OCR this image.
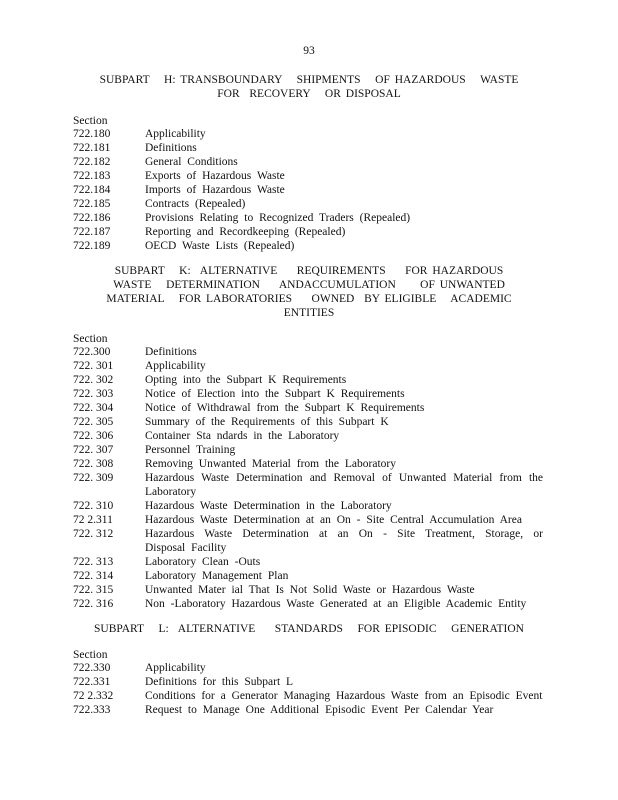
93
SUBPART   H: TRANSBOUNDARY   SHIPMENTS   OF HAZARDOUS   WASTE
FOR  RECOVERY   OR DISPOSAL
Section
722.180	Applicability
722.181	Definitions
722.182	General Conditions
722.183	Exports of Hazardous Waste
722.184	Imports of Hazardous Waste
722.185	Contracts (Repealed)
722.186	Provisions Relating to Recognized Traders (Repealed)
722.187	Reporting and Recordkeeping (Repealed)
722.189	OECD Waste Lists (Repealed)
SUBPART   K:  ALTERNATIVE    REQUIREMENTS    FOR HAZARDOUS
WASTE   DETERMINATION    ANDACCUMULATION     OF UNWANTED
MATERIAL   FOR LABORATORIES    OWNED  BY ELIGIBLE   ACADEMIC
ENTITIES
Section
722.300	Definitions
722. 301	Applicability
722. 302	Opting into the Subpart K Requirements
722. 303	Notice of Election into the Subpart K Requirements
722. 304	Notice of Withdrawal from the Subpart K Requirements
722. 305	Summary of the Requirements of this Subpart K
722. 306	Container Sta ndards in the Laboratory
722. 307	Personnel Training
722. 308	Removing Unwanted Material from the Laboratory
722. 309	Hazardous Waste Determination and Removal of Unwanted Material from the Laboratory
722. 310	Hazardous Waste Determination in the Laboratory
72 2.311	Hazardous Waste Determination at an On - Site Central Accumulation Area
722. 312	Hazardous Waste Determination at an On - Site Treatment, Storage, or Disposal Facility
722. 313	Laboratory Clean -Outs
722. 314	Laboratory Management Plan
722. 315	Unwanted Mater ial That Is Not Solid Waste or Hazardous Waste
722. 316	Non -Laboratory Hazardous Waste Generated at an Eligible Academic Entity
SUBPART   L:  ALTERNATIVE    STANDARDS   FOR EPISODIC   GENERATION
Section
722.330	Applicability
722.331	Definitions for this Subpart L
72 2.332	Conditions for a Generator Managing Hazardous Waste from an Episodic Event
722.333	Request to Manage One Additional Episodic Event Per Calendar Year
